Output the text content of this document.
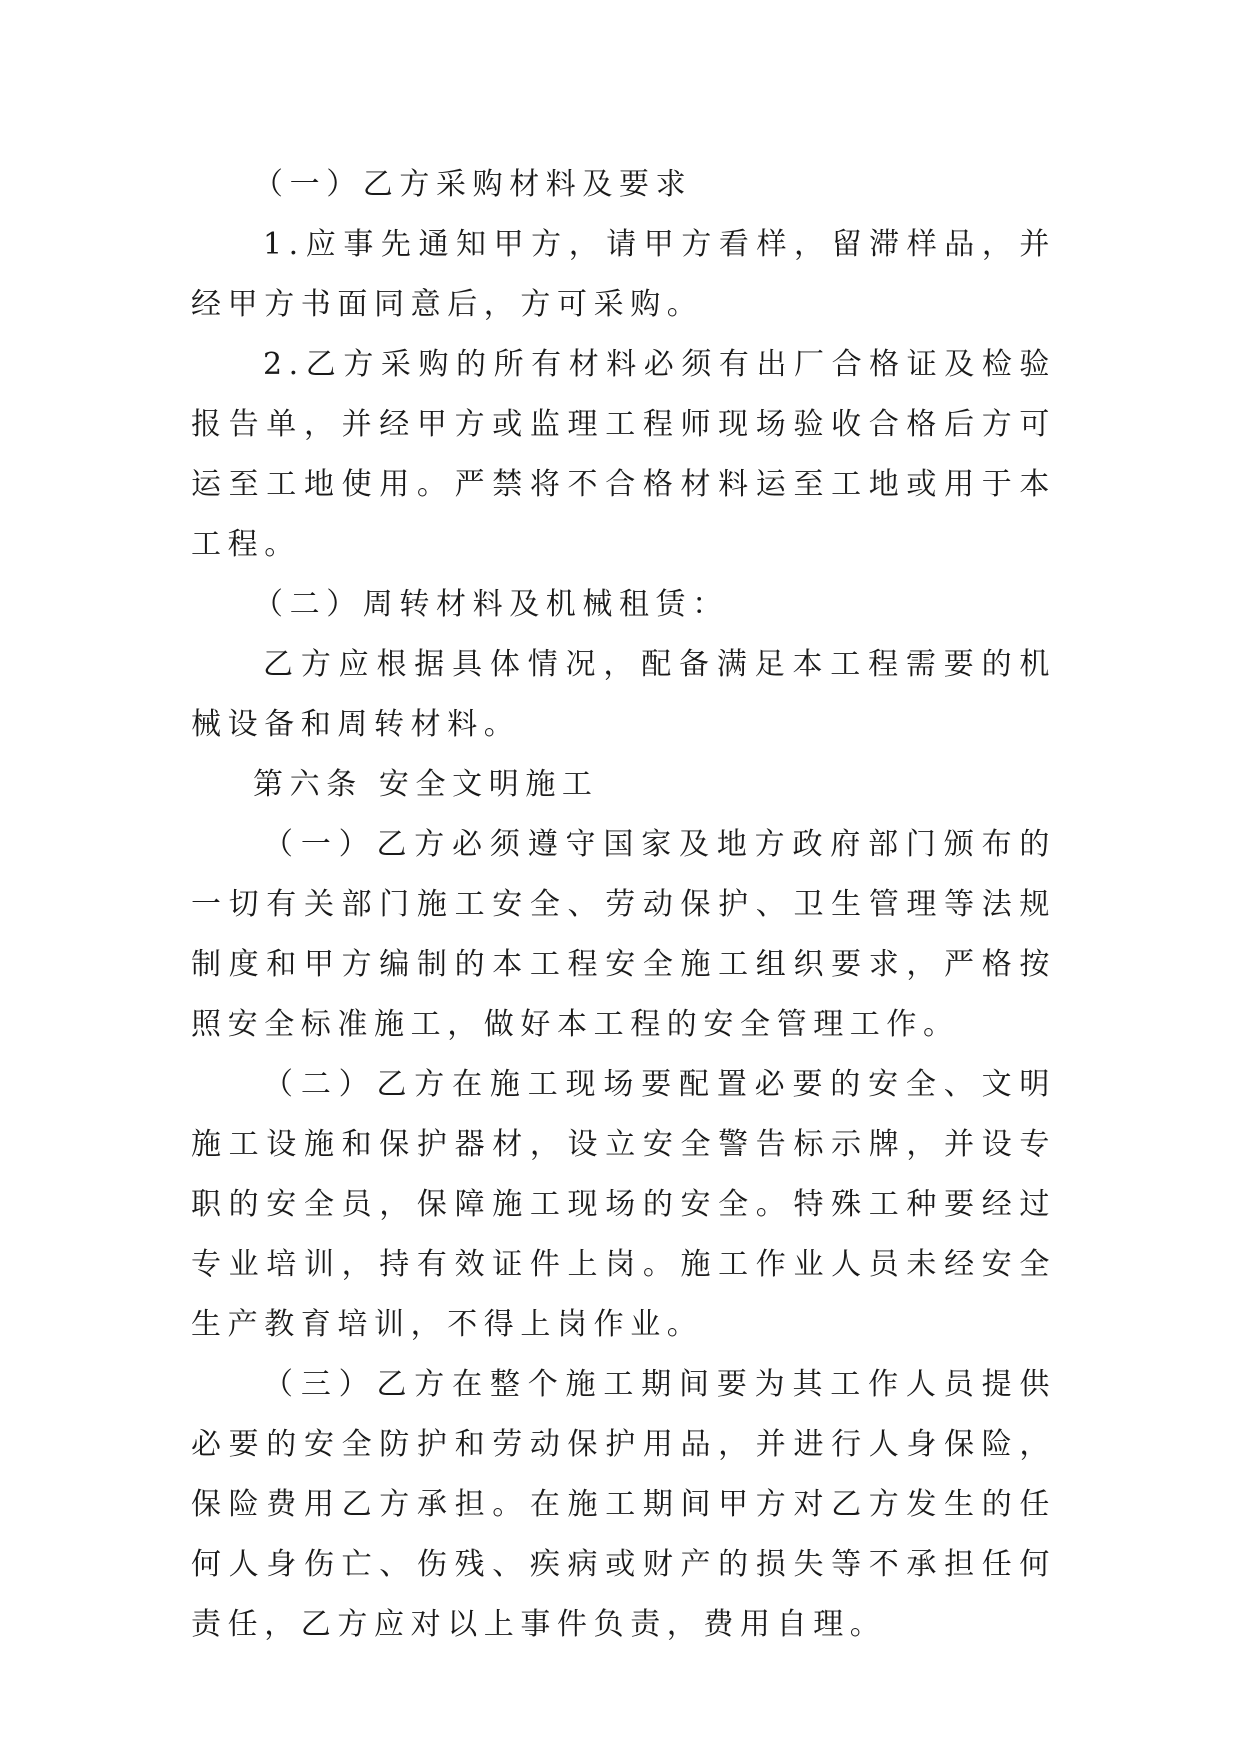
（一）乙方采购材料及要求

1.应事先通知甲方，请甲方看样，留滞样品，并经甲方书面同意后，方可采购。

2.乙方采购的所有材料必须有出厂合格证及检验报告单，并经甲方或监理工程师现场验收合格后方可运至工地使用。严禁将不合格材料运至工地或用于本工程。

（二）周转材料及机械租赁：

乙方应根据具体情况，配备满足本工程需要的机械设备和周转材料。

第六条 安全文明施工

（一）乙方必须遵守国家及地方政府部门颁布的一切有关部门施工安全、劳动保护、卫生管理等法规制度和甲方编制的本工程安全施工组织要求，严格按照安全标准施工，做好本工程的安全管理工作。

（二）乙方在施工现场要配置必要的安全、文明施工设施和保护器材，设立安全警告标示牌，并设专职的安全员，保障施工现场的安全。特殊工种要经过专业培训，持有效证件上岗。施工作业人员未经安全生产教育培训，不得上岗作业。

（三）乙方在整个施工期间要为其工作人员提供必要的安全防护和劳动保护用品，并进行人身保险，保险费用乙方承担。在施工期间甲方对乙方发生的任何人身伤亡、伤残、疾病或财产的损失等不承担任何责任，乙方应对以上事件负责，费用自理。
